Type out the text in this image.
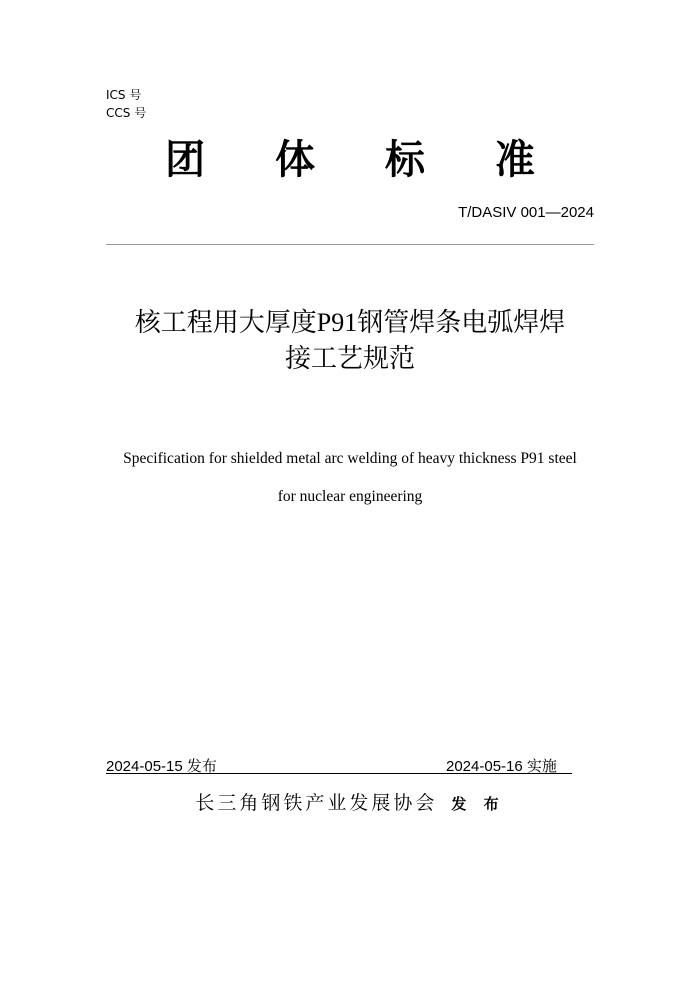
ICS 号
CCS 号
团 体 标 准
T/DASIV 001—2024
核工程用大厚度P91钢管焊条电弧焊焊
接工艺规范
Specification for shielded metal arc welding of heavy thickness P91 steel
for nuclear engineering
2024-05-15 发布	2024-05-16 实施
长三角钢铁产业发展协会 发 布
